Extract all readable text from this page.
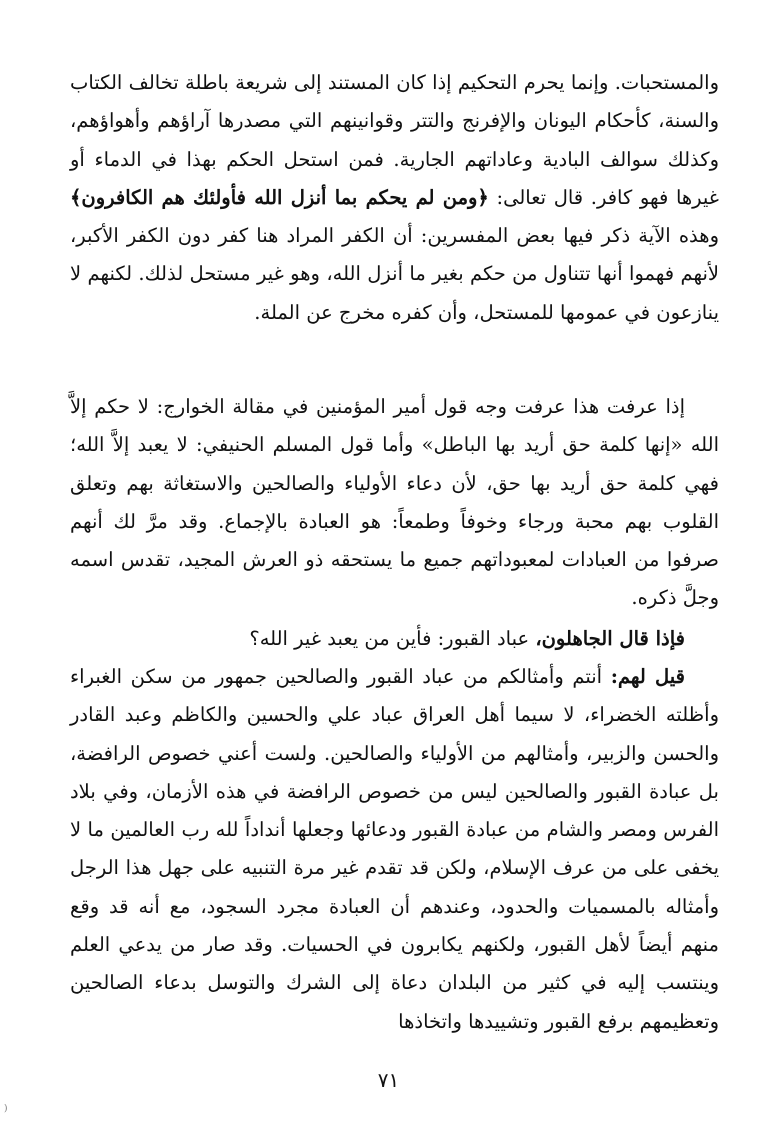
والمستحبات. وإنما يحرم التحكيم إذا كان المستند إلى شريعة باطلة تخالف الكتاب والسنة، كأحكام اليونان والإفرنج والتتر وقوانينهم التي مصدرها آراؤهم وأهواؤهم، وكذلك سوالف البادية وعاداتهم الجارية. فمن استحل الحكم بهذا في الدماء أو غيرها فهو كافر. قال تعالى: ﴿ومن لم يحكم بما أنزل الله فأولئك هم الكافرون﴾ وهذه الآية ذكر فيها بعض المفسرين: أن الكفر المراد هنا كفر دون الكفر الأكبر، لأنهم فهموا أنها تتناول من حكم بغير ما أنزل الله، وهو غير مستحل لذلك. لكنهم لا ينازعون في عمومها للمستحل، وأن كفره مخرج عن الملة.

إذا عرفت هذا عرفت وجه قول أمير المؤمنين في مقالة الخوارج: لا حكم إلاَّ الله «إنها كلمة حق أريد بها الباطل» وأما قول المسلم الحنيفي: لا يعبد إلاَّ الله؛ فهي كلمة حق أريد بها حق، لأن دعاء الأولياء والصالحين والاستغاثة بهم وتعلق القلوب بهم محبة ورجاء وخوفاً وطمعاً: هو العبادة بالإجماع. وقد مرَّ لك أنهم صرفوا من العبادات لمعبوداتهم جميع ما يستحقه ذو العرش المجيد، تقدس اسمه وجلَّ ذكره.

فإذا قال الجاهلون، عباد القبور: فأين من يعبد غير الله؟

قيل لهم: أنتم وأمثالكم من عباد القبور والصالحين جمهور من سكن الغبراء وأظلته الخضراء، لا سيما أهل العراق عباد علي والحسين والكاظم وعبد القادر والحسن والزبير، وأمثالهم من الأولياء والصالحين. ولست أعني خصوص الرافضة، بل عبادة القبور والصالحين ليس من خصوص الرافضة في هذه الأزمان، وفي بلاد الفرس ومصر والشام من عبادة القبور ودعائها وجعلها أنداداً لله رب العالمين ما لا يخفى على من عرف الإسلام، ولكن قد تقدم غير مرة التنبيه على جهل هذا الرجل وأمثاله بالمسميات والحدود، وعندهم أن العبادة مجرد السجود، مع أنه قد وقع منهم أيضاً لأهل القبور، ولكنهم يكابرون في الحسيات. وقد صار من يدعي العلم وينتسب إليه في كثير من البلدان دعاة إلى الشرك والتوسل بدعاء الصالحين وتعظيمهم برفع القبور وتشييدها واتخاذها

٧١
(
